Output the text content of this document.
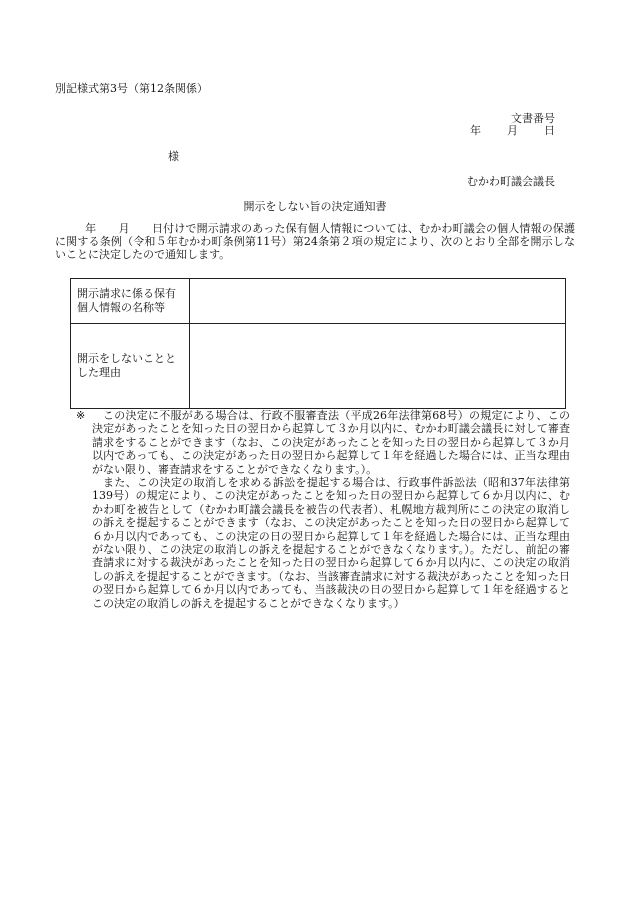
別記様式第3号（第12条関係）
文書番号
年 月 日
様
むかわ町議会議長
開示をしない旨の決定通知書
年　　月　　日付けで開示請求のあった保有個人情報については、むかわ町議会の個人情報の保護に関する条例（令和５年むかわ町条例第11号）第24条第２項の規定により、次のとおり全部を開示しないことに決定したので通知します。
開示請求に係る保有個人情報の名称等	
開示をしないこととした理由	
※	この決定に不服がある場合は、行政不服審査法（平成26年法律第68号）の規定により、この決定があったことを知った日の翌日から起算して３か月以内に、むかわ町議会議長に対して審査請求をすることができます（なお、この決定があったことを知った日の翌日から起算して３か月以内であっても、この決定があった日の翌日から起算して１年を経過した場合には、正当な理由がない限り、審査請求をすることができなくなります。）。

また、この決定の取消しを求める訴訟を提起する場合は、行政事件訴訟法（昭和37年法律第139号）の規定により、この決定があったことを知った日の翌日から起算して６か月以内に、むかわ町を被告として（むかわ町議会議長を被告の代表者）、札幌地方裁判所にこの決定の取消しの訴えを提起することができます（なお、この決定があったことを知った日の翌日から起算して６か月以内であっても、この決定の日の翌日から起算して１年を経過した場合には、正当な理由がない限り、この決定の取消しの訴えを提起することができなくなります。）。ただし、前記の審査請求に対する裁決があったことを知った日の翌日から起算して６か月以内に、この決定の取消しの訴えを提起することができます。（なお、当該審査請求に対する裁決があったことを知った日の翌日から起算して６か月以内であっても、当該裁決の日の翌日から起算して１年を経過するとこの決定の取消しの訴えを提起することができなくなります。）
